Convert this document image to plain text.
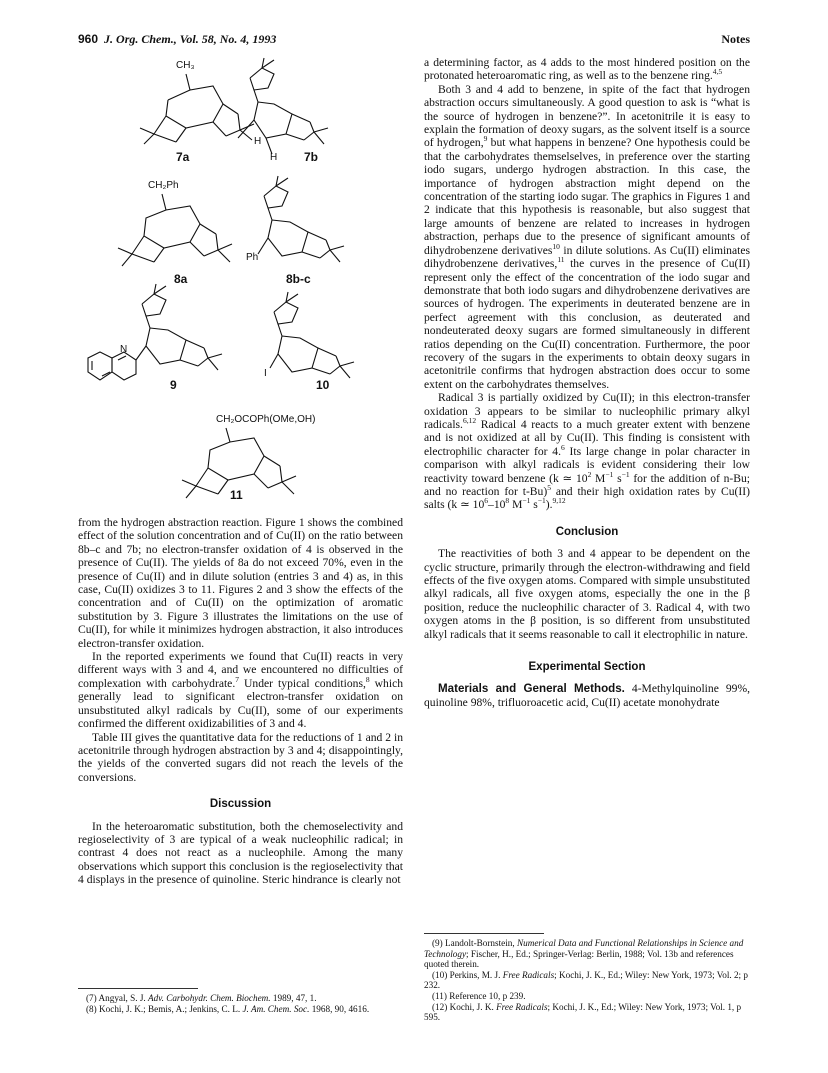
960 J. Org. Chem., Vol. 58, No. 4, 1993	Notes
CH₃
H
H
CH₂Ph
Ph
N
I
CH₂OCOPh(OMe,OH)
7a	7b
8a	8b-c
9	10
11

from the hydrogen abstraction reaction. Figure 1 shows the combined effect of the solution concentration and of Cu(II) on the ratio between 8b–c and 7b; no electron-transfer oxidation of 4 is observed in the presence of Cu(II). The yields of 8a do not exceed 70%, even in the presence of Cu(II) and in dilute solution (entries 3 and 4) as, in this case, Cu(II) oxidizes 3 to 11. Figures 2 and 3 show the effects of the concentration and of Cu(II) on the optimization of aromatic substitution by 3. Figure 3 illustrates the limitations on the use of Cu(II), for while it minimizes hydrogen abstraction, it also introduces electron-transfer oxidation.

In the reported experiments we found that Cu(II) reacts in very different ways with 3 and 4, and we encountered no difficulties of complexation with carbohydrate.$^7$ Under typical conditions,$^8$ which generally lead to significant electron-transfer oxidation on unsubstituted alkyl radicals by Cu(II), some of our experiments confirmed the different oxidizabilities of 3 and 4.

Table III gives the quantitative data for the reductions of 1 and 2 in acetonitrile through hydrogen abstraction by 3 and 4; disappointingly, the yields of the converted sugars did not reach the levels of the conversions.

Discussion

In the heteroaromatic substitution, both the chemoselectivity and regioselectivity of 3 are typical of a weak nucleophilic radical; in contrast 4 does not react as a nucleophile. Among the many observations which support this conclusion is the regioselectivity that 4 displays in the presence of quinoline. Steric hindrance is clearly not

a determining factor, as 4 adds to the most hindered position on the protonated heteroaromatic ring, as well as to the benzene ring.$^{4,5}$

Both 3 and 4 add to benzene, in spite of the fact that hydrogen abstraction occurs simultaneously. A good question to ask is “what is the source of hydrogen in benzene?”. In acetonitrile it is easy to explain the formation of deoxy sugars, as the solvent itself is a source of hydrogen,$^9$ but what happens in benzene? One hypothesis could be that the carbohydrates themselselves, in preference over the starting iodo sugars, undergo hydrogen abstraction. In this case, the importance of hydrogen abstraction might depend on the concentration of the starting iodo sugar. The graphics in Figures 1 and 2 indicate that this hypothesis is reasonable, but also suggest that large amounts of benzene are related to increases in hydrogen abstraction, perhaps due to the presence of significant amounts of dihydrobenzene derivatives$^{10}$ in dilute solutions. As Cu(II) eliminates dihydrobenzene derivatives,$^{11}$ the curves in the presence of Cu(II) represent only the effect of the concentration of the iodo sugar and demonstrate that both iodo sugars and dihydrobenzene derivatives are sources of hydrogen. The experiments in deuterated benzene are in perfect agreement with this conclusion, as deuterated and nondeuterated deoxy sugars are formed simultaneously in different ratios depending on the Cu(II) concentration. Furthermore, the poor recovery of the sugars in the experiments to obtain deoxy sugars in acetonitrile confirms that hydrogen abstraction does occur to some extent on the carbohydrates themselves.

Radical 3 is partially oxidized by Cu(II); in this electron-transfer oxidation 3 appears to be similar to nucleophilic primary alkyl radicals.$^{6,12}$ Radical 4 reacts to a much greater extent with benzene and is not oxidized at all by Cu(II). This finding is consistent with electrophilic character for 4.$^6$ Its large change in polar character in comparison with alkyl radicals is evident considering their low reactivity toward benzene (k ≃ $10^2$ $M^{-1}$ $s^{-1}$ for the addition of n-Bu; and no reaction for t-Bu)$^5$ and their high oxidation rates by Cu(II) salts (k ≃ $10^6-10^8$ $M^{-1}$ $s^{-1}).^{9,12}$

Conclusion

The reactivities of both 3 and 4 appear to be dependent on the cyclic structure, primarily through the electron-withdrawing and field effects of the five oxygen atoms. Compared with simple unsubstituted alkyl radicals, all five oxygen atoms, especially the one in the β position, reduce the nucleophilic character of 3. Radical 4, with two oxygen atoms in the β position, is so different from unsubstituted alkyl radicals that it seems reasonable to call it electrophilic in nature.

Experimental Section

Materials and General Methods. 4-Methylquinoline 99%, quinoline 98%, trifluoroacetic acid, Cu(II) acetate monohydrate

(7) Angyal, S. J. Adv. Carbohydr. Chem. Biochem. 1989, 47, 1.

(8) Kochi, J. K.; Bemis, A.; Jenkins, C. L. J. Am. Chem. Soc. 1968, 90, 4616.

(9) Landolt-Bornstein, Numerical Data and Functional Relationships in Science and Technology; Fischer, H., Ed.; Springer-Verlag: Berlin, 1988; Vol. 13b and references quoted therein.

(10) Perkins, M. J. Free Radicals; Kochi, J. K., Ed.; Wiley: New York, 1973; Vol. 2; p 232.

(11) Reference 10, p 239.

(12) Kochi, J. K. Free Radicals; Kochi, J. K., Ed.; Wiley: New York, 1973; Vol. 1, p 595.
